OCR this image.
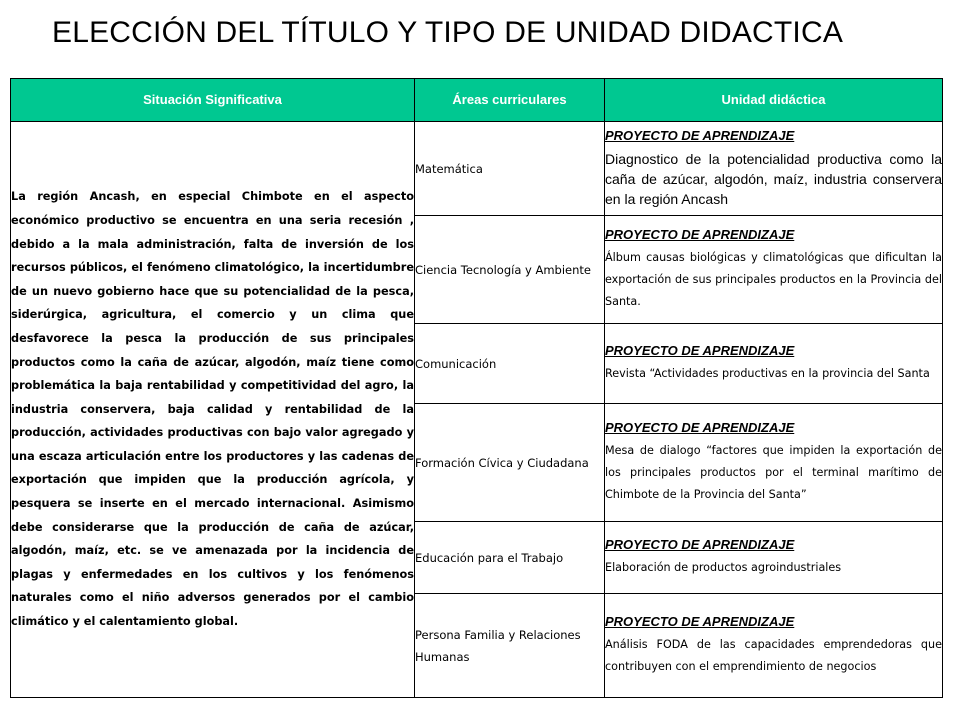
ELECCIÓN DEL TÍTULO Y TIPO DE UNIDAD DIDACTICA
Situación Significativa	Áreas curriculares	Unidad didáctica
La región Ancash, en especial Chimbote en el aspecto económico productivo se encuentra en una seria recesión , debido a la mala administración, falta de inversión de los recursos públicos, el fenómeno climatológico, la incertidumbre de un nuevo gobierno hace que su potencialidad de la pesca, siderúrgica, agricultura, el comercio y un clima que desfavorece la pesca la producción de sus principales productos como la caña de azúcar, algodón, maíz tiene como problemática la baja rentabilidad y competitividad del agro, la industria conservera, baja calidad y rentabilidad de la producción, actividades productivas con bajo valor agregado y una escaza articulación entre los productores y las cadenas de exportación que impiden que la producción agrícola, y pesquera se inserte en el mercado internacional. Asimismo debe considerarse que la producción de caña de azúcar, algodón, maíz, etc. se ve amenazada por la incidencia de plagas y enfermedades en los cultivos y los fenómenos naturales como el niño adversos generados por el cambio climático y el calentamiento global.	Matemática	PROYECTO DE APRENDIZAJE
Diagnostico de la potencialidad productiva como la caña de azúcar, algodón, maíz, industria conservera en la región Ancash

	Ciencia Tecnología y Ambiente	PROYECTO DE APRENDIZAJE
Álbum causas biológicas y climatológicas que dificultan la exportación de sus principales productos en la Provincia del Santa.

	Comunicación	PROYECTO DE APRENDIZAJE
Revista “Actividades productivas en la provincia del Santa

	Formación Cívica y Ciudadana	PROYECTO DE APRENDIZAJE
Mesa de dialogo “factores que impiden la exportación de los principales productos por el terminal marítimo de Chimbote de la Provincia del Santa”

	Educación para el Trabajo	PROYECTO DE APRENDIZAJE
Elaboración de productos agroindustriales

	Persona Familia y Relaciones Humanas	PROYECTO DE APRENDIZAJE
Análisis FODA de las capacidades emprendedoras que contribuyen con el emprendimiento de negocios
